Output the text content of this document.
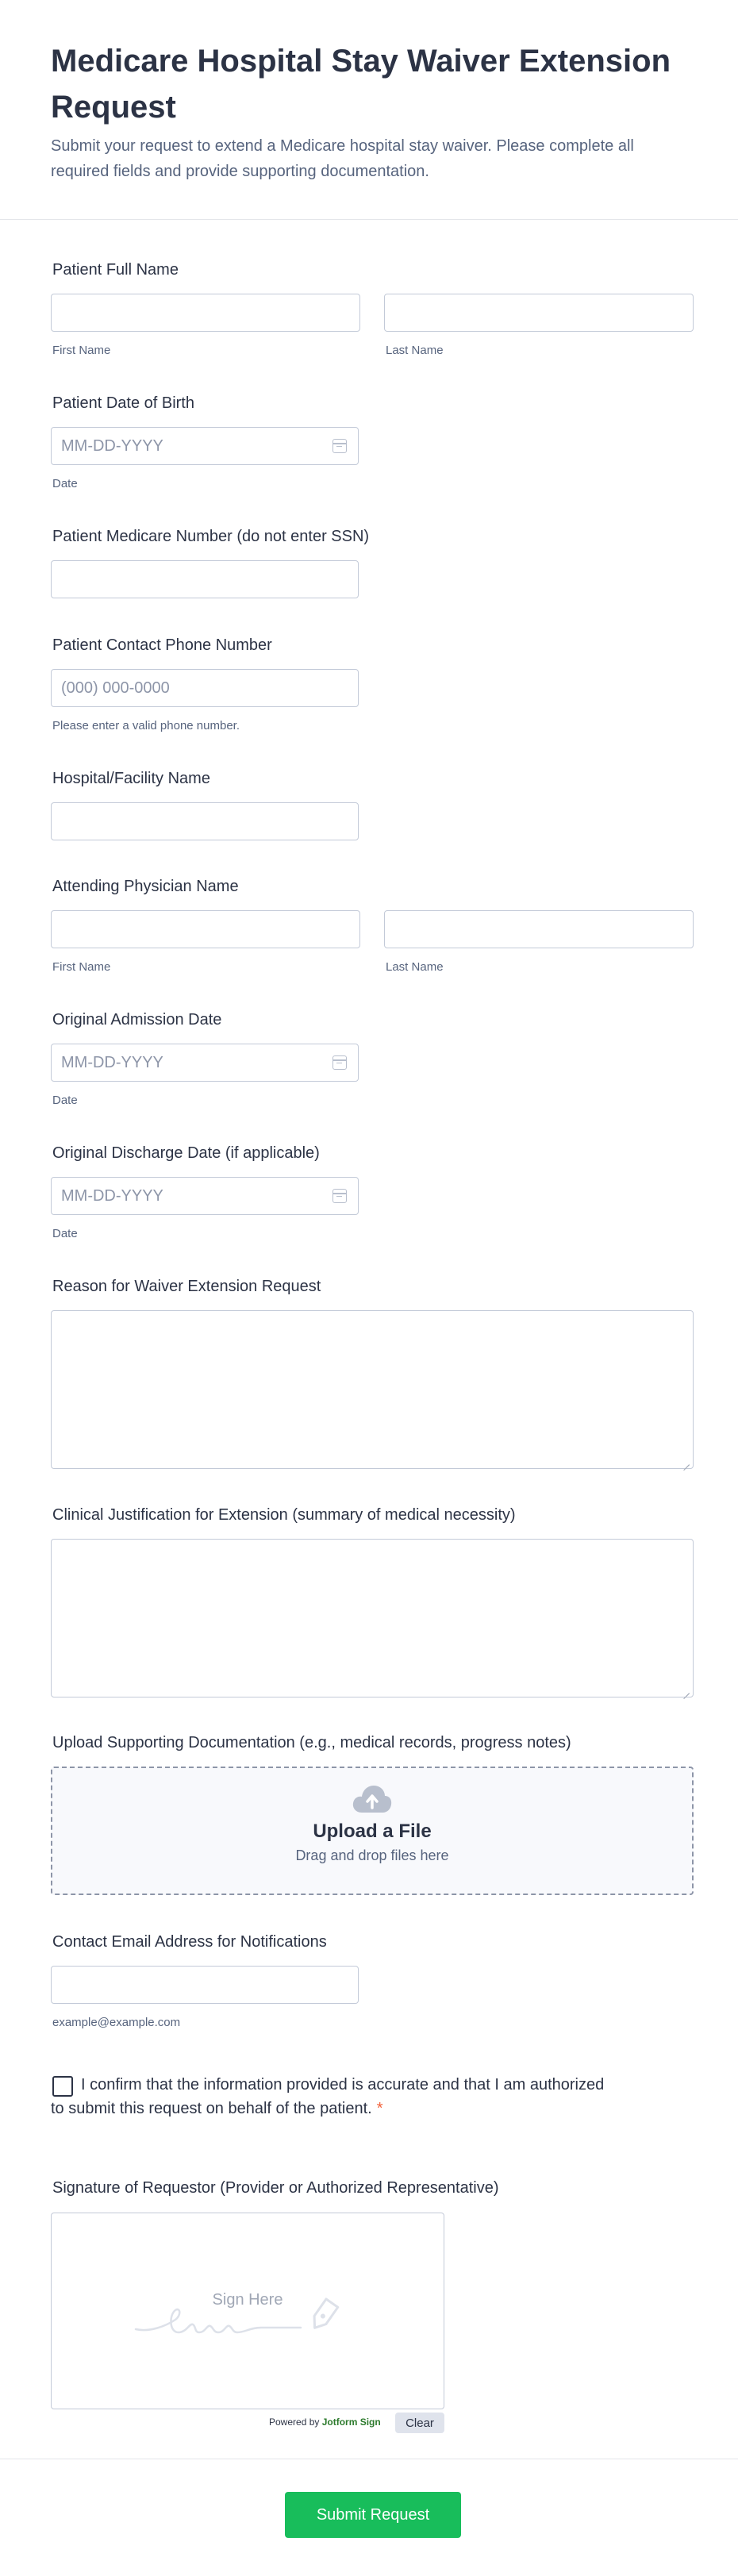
Medicare Hospital Stay Waiver Extension Request

Submit your request to extend a Medicare hospital stay waiver. Please complete all required fields and provide supporting documentation.

Patient Full Name
First Name	Last Name
Patient Date of Birth
MM-DD-YYYY
Date
Patient Medicare Number (do not enter SSN)
Patient Contact Phone Number
(000) 000-0000
Please enter a valid phone number.
Hospital/Facility Name
Attending Physician Name
First Name	Last Name
Original Admission Date
MM-DD-YYYY
Date
Original Discharge Date (if applicable)
MM-DD-YYYY
Date
Reason for Waiver Extension Request
Clinical Justification for Extension (summary of medical necessity)
Upload Supporting Documentation (e.g., medical records, progress notes)
Upload a File
Drag and drop files here
Contact Email Address for Notifications
example@example.com
I confirm that the information provided is accurate and that I am authorized to submit this request on behalf of the patient. *
Signature of Requestor (Provider or Authorized Representative)
Sign Here
Powered by Jotform Sign	Clear
Submit Request
